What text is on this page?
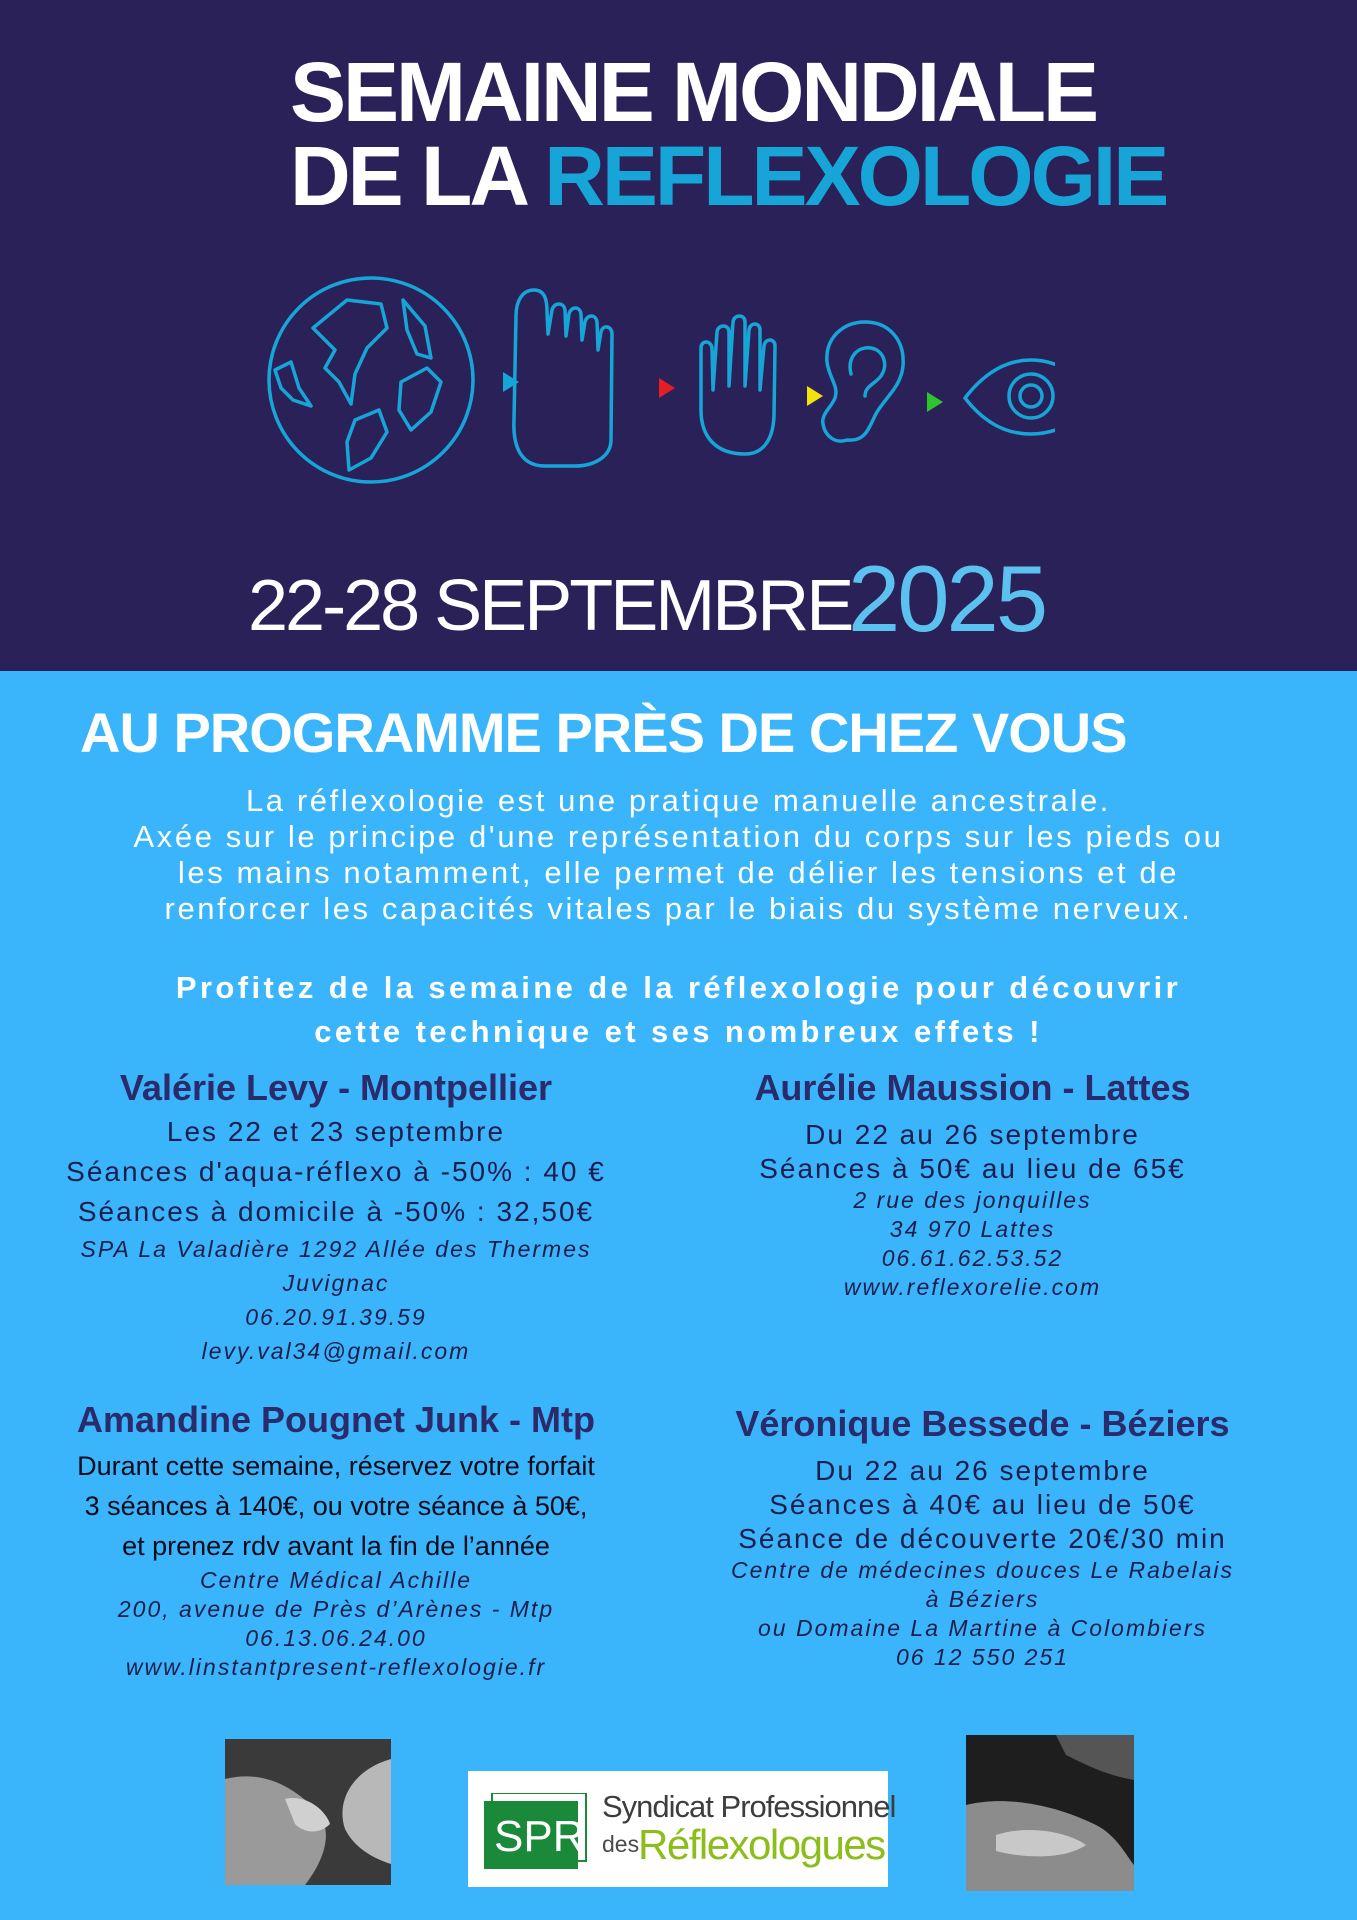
SEMAINE MONDIALE
DE LA REFLEXOLOGIE
22-28 SEPTEMBRE
2025
AU PROGRAMME PRÈS DE CHEZ VOUS
La réflexologie est une pratique manuelle ancestrale.
Axée sur le principe d'une représentation du corps sur les pieds ou
les mains notamment, elle permet de délier les tensions et de
renforcer les capacités vitales par le biais du système nerveux.
Profitez de la semaine de la réflexologie pour découvrir
cette technique et ses nombreux effets !
Valérie Levy - Montpellier
Les 22 et 23 septembre
Séances d'aqua-réflexo à -50% : 40 €
Séances à domicile à -50% : 32,50€
SPA La Valadière 1292 Allée des Thermes
Juvignac
06.20.91.39.59
levy.val34@gmail.com
Aurélie Maussion - Lattes
Du 22 au 26 septembre
Séances à 50€ au lieu de 65€
2 rue des jonquilles
34 970 Lattes
06.61.62.53.52
www.reflexorelie.com
Amandine Pougnet Junk - Mtp
Durant cette semaine, réservez votre forfait
3 séances à 140€, ou votre séance à 50€,
et prenez rdv avant la fin de l’année
Centre Médical Achille
200, avenue de Près d’Arènes - Mtp
06.13.06.24.00
www.linstantpresent-reflexologie.fr
Véronique Bessede - Béziers
Du 22 au 26 septembre
Séances à 40€ au lieu de 50€
Séance de découverte 20€/30 min
Centre de médecines douces Le Rabelais
à Béziers
ou Domaine La Martine à Colombiers
06 12 550 251
SPR
Syndicat Professionnel
des
Réflexologues
